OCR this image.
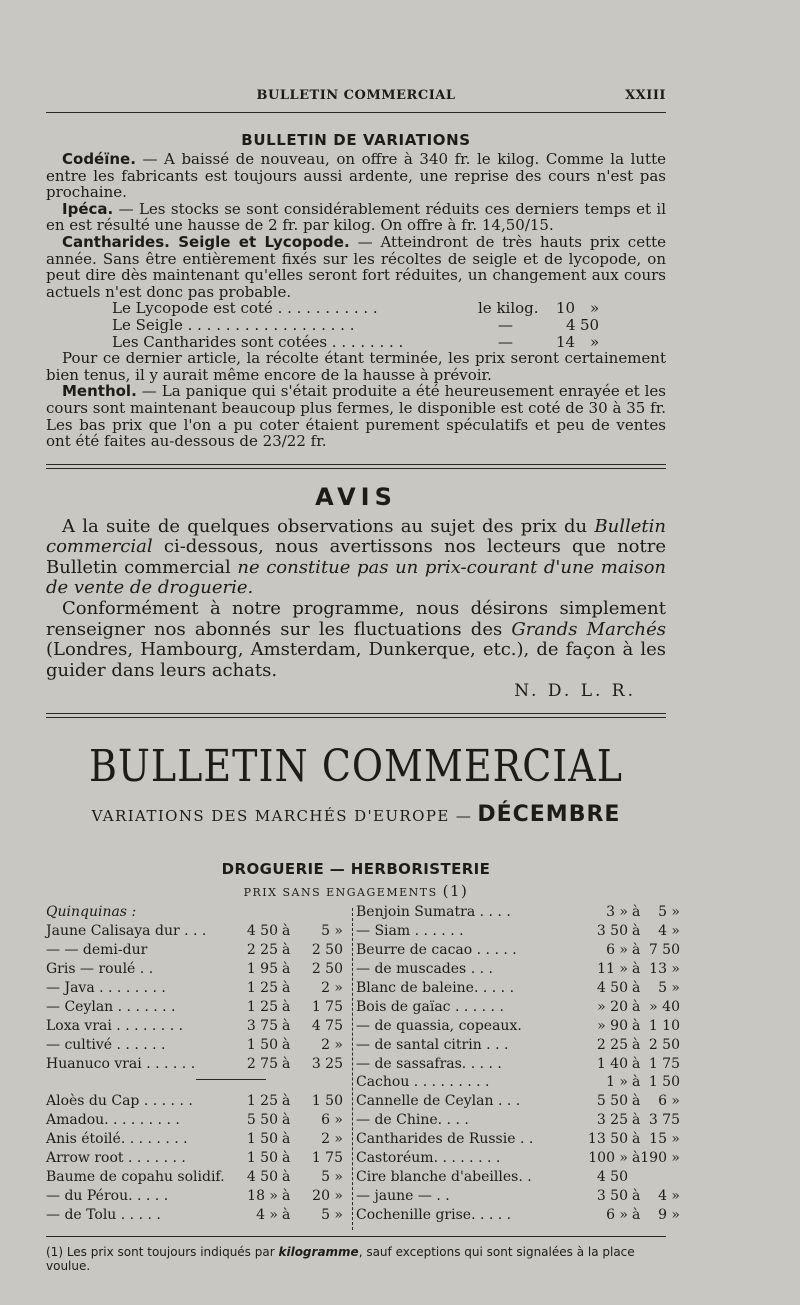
BULLETIN COMMERCIAL	XXIII
BULLETIN DE VARIATIONS

Codéïne. — A baissé de nouveau, on offre à 340 fr. le kilog. Comme la lutte entre les fabricants est toujours aussi ardente, une reprise des cours n'est pas prochaine.

Ipéca. — Les stocks se sont considérablement réduits ces derniers temps et il en est résulté une hausse de 2 fr. par kilog. On offre à fr. 14,50/15.

Cantharides. Seigle et Lycopode. — Atteindront de très hauts prix cette année. Sans être entièrement fixés sur les récoltes de seigle et de lycopode, on peut dire dès maintenant qu'elles seront fort réduites, un changement aux cours actuels n'est donc pas probable.

Le Lycopode est coté . . . . . . . . . . .	le kilog. 10 »
Le Seigle . . . . . . . . . . . . . . . . . .	—	4 50
Les Cantharides sont cotées . . . . . . . .	—	14 »

Pour ce dernier article, la récolte étant terminée, les prix seront certainement bien tenus, il y aurait même encore de la hausse à prévoir.

Menthol. — La panique qui s'était produite a été heureusement enrayée et les cours sont maintenant beaucoup plus fermes, le disponible est coté de 30 à 35 fr. Les bas prix que l'on a pu coter étaient purement spéculatifs et peu de ventes ont été faites au-dessous de 23/22 fr.

AVIS

A la suite de quelques observations au sujet des prix du Bulletin commercial ci-dessous, nous avertissons nos lecteurs que notre Bulletin commercial ne constitue pas un prix-courant d'une maison de vente de droguerie.

Conformément à notre programme, nous désirons simplement renseigner nos abonnés sur les fluctuations des Grands Marchés (Londres, Hambourg, Amsterdam, Dunkerque, etc.), de façon à les guider dans leurs achats.

N. D. L. R.

BULLETIN COMMERCIAL
VARIATIONS DES MARCHÉS D'EUROPE — DÉCEMBRE
DROGUERIE — HERBORISTERIE
PRIX SANS ENGAGEMENTS (1)
Quinquinas :
Jaune Calisaya dur . . .	4 50 à	5 »
— — demi-dur	2 25 à	2 50
Gris — roulé . .	1 95 à	2 50
— Java . . . . . . . .	1 25 à	2 »
— Ceylan . . . . . . .	1 25 à	1 75
Loxa vrai . . . . . . . .	3 75 à	4 75
— cultivé . . . . . .	1 50 à	2 »
Huanuco vrai . . . . . .	2 75 à	3 25
Aloès du Cap . . . . . .	1 25 à	1 50
Amadou. . . . . . . . .	5 50 à	6 »
Anis étoilé. . . . . . . .	1 50 à	2 »
Arrow root . . . . . . .	1 50 à	1 75
Baume de copahu solidif.	4 50 à	5 »
— du Pérou. . . . .	18 » à	20 »
— de Tolu . . . . .	4 » à	5 »
Benjoin Sumatra . . . .	3 » à	5 »
— Siam . . . . . .	3 50 à	4 »
Beurre de cacao . . . . .	6 » à 7 50
— de muscades . . .	11 » à 13 »
Blanc de baleine. . . . .	4 50 à	5 »
Bois de gaïac . . . . . .	» 20 à » 40
— de quassia, copeaux.	» 90 à 1 10
— de santal citrin . . .	2 25 à 2 50
— de sassafras. . . . .	1 40 à 1 75
Cachou . . . . . . . . .	1 » à 1 50
Cannelle de Ceylan . . .	5 50 à	6 »
— de Chine. . . .	3 25 à 3 75
Cantharides de Russie . .	13 50 à 15 »
Castoréum. . . . . . . .	100 » à 190 »
Cire blanche d'abeilles. .	4 50
— jaune — . .	3 50 à	4 »
Cochenille grise. . . . .	6 » à	9 »

(1) Les prix sont toujours indiqués par kilogramme, sauf exceptions qui sont signalées à la place voulue.
